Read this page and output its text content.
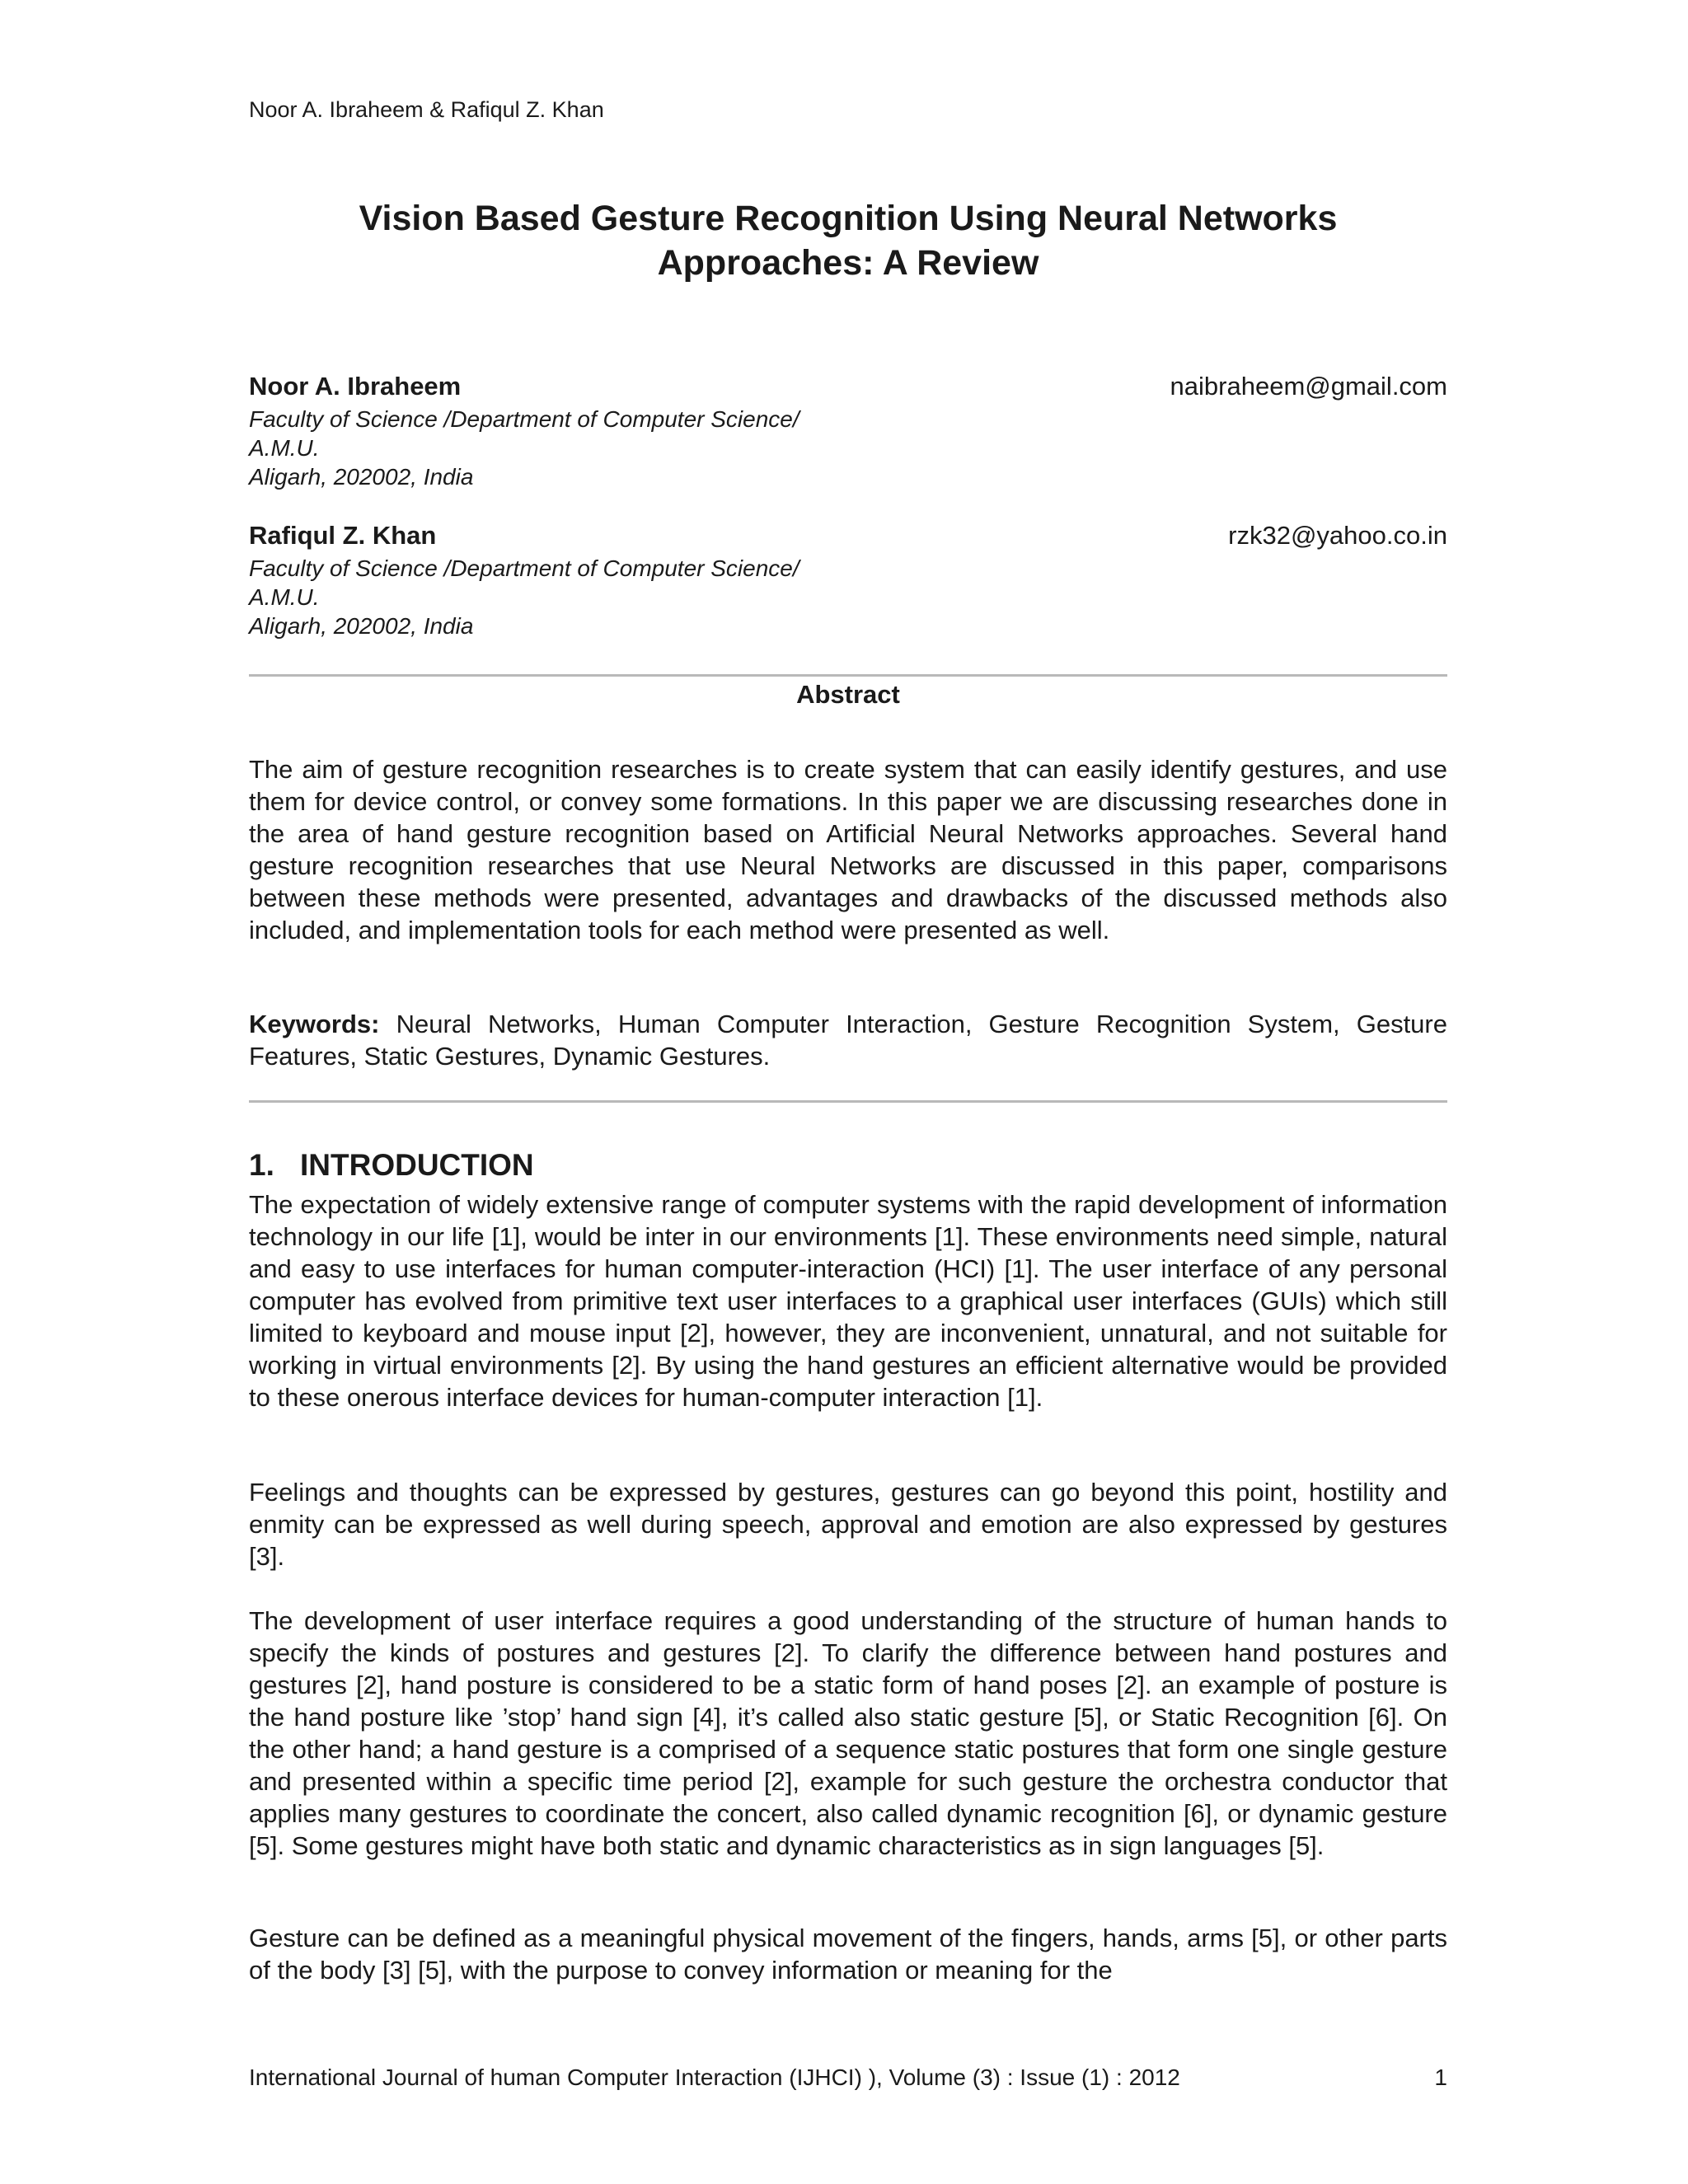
Noor A. Ibraheem & Rafiqul Z. Khan
Vision Based Gesture Recognition Using Neural Networks
Approaches: A Review
Noor A. Ibraheem	naibraheem@gmail.com
Faculty of Science /Department of Computer Science/
A.M.U.
Aligarh, 202002, India
Rafiqul Z. Khan	rzk32@yahoo.co.in
Faculty of Science /Department of Computer Science/
A.M.U.
Aligarh, 202002, India
Abstract
The aim of gesture recognition researches is to create system that can easily identify gestures, and use them for device control, or convey some formations. In this paper we are discussing researches done in the area of hand gesture recognition based on Artificial Neural Networks approaches. Several hand gesture recognition researches that use Neural Networks are discussed in this paper, comparisons between these methods were presented, advantages and drawbacks of the discussed methods also included, and implementation tools for each method were presented as well.
Keywords: Neural Networks, Human Computer Interaction, Gesture Recognition System, Gesture Features, Static Gestures, Dynamic Gestures.
1. INTRODUCTION
The expectation of widely extensive range of computer systems with the rapid development of information technology in our life [1], would be inter in our environments [1]. These environments need simple, natural and easy to use interfaces for human computer-interaction (HCI) [1]. The user interface of any personal computer has evolved from primitive text user interfaces to a graphical user interfaces (GUIs) which still limited to keyboard and mouse input [2], however, they are inconvenient, unnatural, and not suitable for working in virtual environments [2]. By using the hand gestures an efficient alternative would be provided to these onerous interface devices for human-computer interaction [1].
Feelings and thoughts can be expressed by gestures, gestures can go beyond this point, hostility and enmity can be expressed as well during speech, approval and emotion are also expressed by gestures [3].
The development of user interface requires a good understanding of the structure of human hands to specify the kinds of postures and gestures [2]. To clarify the difference between hand postures and gestures [2], hand posture is considered to be a static form of hand poses [2]. an example of posture is the hand posture like ’stop’ hand sign [4], it’s called also static gesture [5], or Static Recognition [6]. On the other hand; a hand gesture is a comprised of a sequence static postures that form one single gesture and presented within a specific time period [2], example for such gesture the orchestra conductor that applies many gestures to coordinate the concert, also called dynamic recognition [6], or dynamic gesture [5]. Some gestures might have both static and dynamic characteristics as in sign languages [5].
Gesture can be defined as a meaningful physical movement of the fingers, hands, arms [5], or other parts of the body [3] [5], with the purpose to convey information or meaning for the
International Journal of human Computer Interaction (IJHCI) ), Volume (3) : Issue (1) : 2012	1
